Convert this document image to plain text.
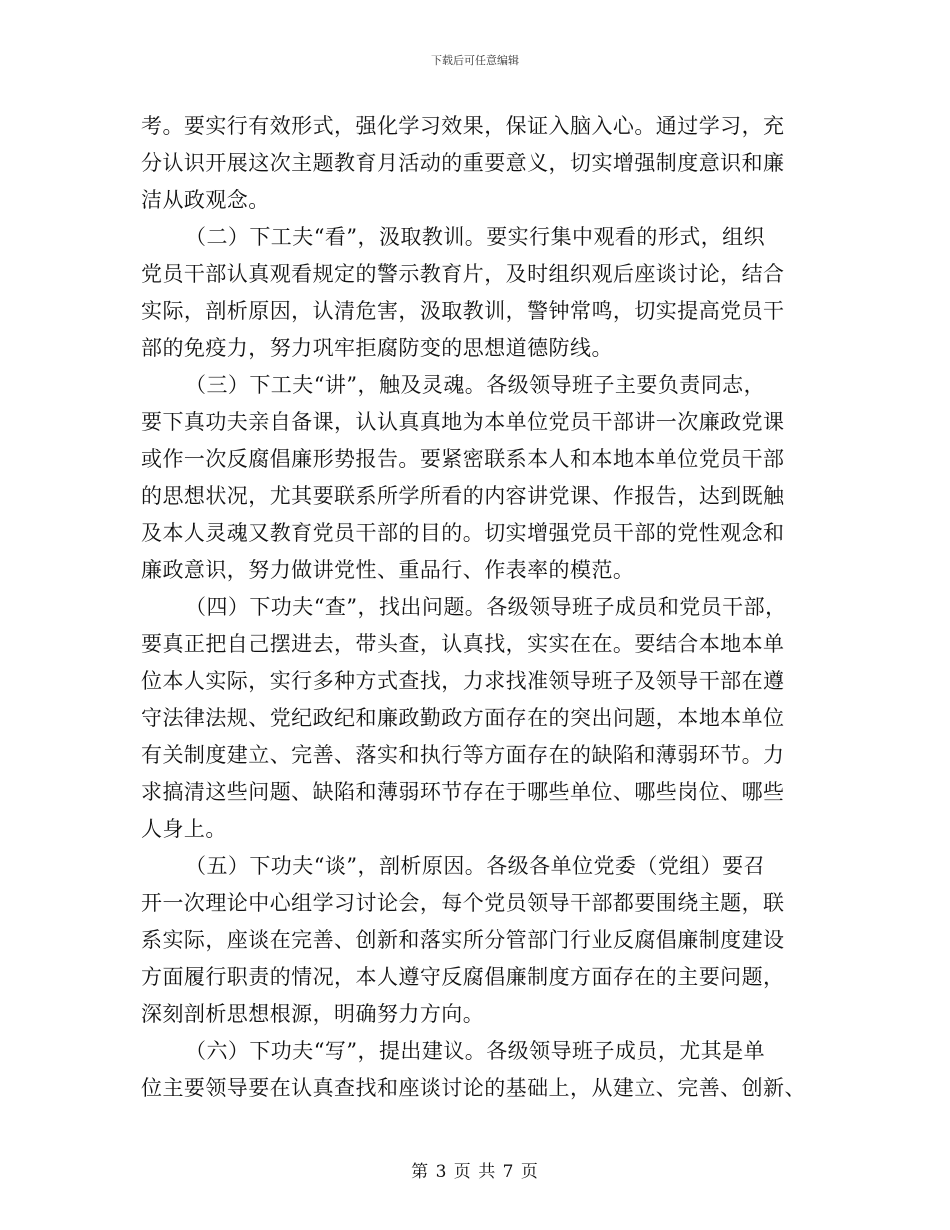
下载后可任意编辑
考。要实行有效形式，强化学习效果，保证入脑入心。通过学习，充
分认识开展这次主题教育月活动的重要意义，切实增强制度意识和廉
洁从政观念。
（二）下工夫“看”，汲取教训。要实行集中观看的形式，组织
党员干部认真观看规定的警示教育片，及时组织观后座谈讨论，结合
实际，剖析原因，认清危害，汲取教训，警钟常鸣，切实提高党员干
部的免疫力，努力巩牢拒腐防变的思想道德防线。
（三）下工夫“讲”，触及灵魂。各级领导班子主要负责同志，
要下真功夫亲自备课，认认真真地为本单位党员干部讲一次廉政党课
或作一次反腐倡廉形势报告。要紧密联系本人和本地本单位党员干部
的思想状况，尤其要联系所学所看的内容讲党课、作报告，达到既触
及本人灵魂又教育党员干部的目的。切实增强党员干部的党性观念和
廉政意识，努力做讲党性、重品行、作表率的模范。
（四）下功夫“查”，找出问题。各级领导班子成员和党员干部，
要真正把自己摆进去，带头查，认真找，实实在在。要结合本地本单
位本人实际，实行多种方式查找，力求找准领导班子及领导干部在遵
守法律法规、党纪政纪和廉政勤政方面存在的突出问题，本地本单位
有关制度建立、完善、落实和执行等方面存在的缺陷和薄弱环节。力
求搞清这些问题、缺陷和薄弱环节存在于哪些单位、哪些岗位、哪些
人身上。
（五）下功夫“谈”，剖析原因。各级各单位党委（党组）要召
开一次理论中心组学习讨论会，每个党员领导干部都要围绕主题，联
系实际，座谈在完善、创新和落实所分管部门行业反腐倡廉制度建设
方面履行职责的情况，本人遵守反腐倡廉制度方面存在的主要问题，
深刻剖析思想根源，明确努力方向。
（六）下功夫“写”，提出建议。各级领导班子成员，尤其是单
位主要领导要在认真查找和座谈讨论的基础上，从建立、完善、创新、
第 3 页 共 7 页
